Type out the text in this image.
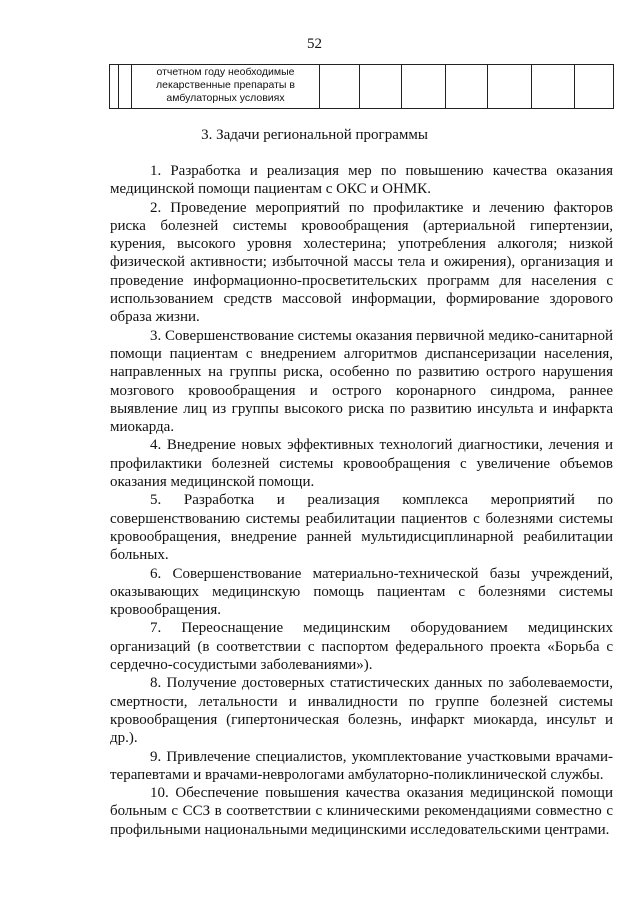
52
		отчетном году необходимые лекарственные препараты в амбулаторных условиях							
3. Задачи региональной программы

1. Разработка и реализация мер по повышению качества оказания медицинской помощи пациентам с ОКС и ОНМК.

2. Проведение мероприятий по профилактике и лечению факторов риска болезней системы кровообращения (артериальной гипертензии, курения, высокого уровня холестерина; употребления алкоголя; низкой физической активности; избыточной массы тела и ожирения), организация и проведение информационно-просветительских программ для населения с использованием средств массовой информации, формирование здорового образа жизни.

3. Совершенствование системы оказания первичной медико-санитарной помощи пациентам с внедрением алгоритмов диспансеризации населения, направленных на группы риска, особенно по развитию острого нарушения мозгового кровообращения и острого коронарного синдрома, раннее выявление лиц из группы высокого риска по развитию инсульта и инфаркта миокарда.

4. Внедрение новых эффективных технологий диагностики, лечения и профилактики болезней системы кровообращения с увеличение объемов оказания медицинской помощи.

5. Разработка и реализация комплекса мероприятий по совершенствованию системы реабилитации пациентов с болезнями системы кровообращения, внедрение ранней мультидисциплинарной реабилитации больных.

6. Совершенствование материально-технической базы учреждений, оказывающих медицинскую помощь пациентам с болезнями системы кровообращения.

7. Переоснащение медицинским оборудованием медицинских организаций (в соответствии с паспортом федерального проекта «Борьба с сердечно-сосудистыми заболеваниями»).

8. Получение достоверных статистических данных по заболеваемости, смертности, летальности и инвалидности по группе болезней системы кровообращения (гипертоническая болезнь, инфаркт миокарда, инсульт и др.).

9. Привлечение специалистов, укомплектование участковыми врачами-терапевтами и врачами-неврологами амбулаторно-поликлинической службы.

10. Обеспечение повышения качества оказания медицинской помощи больным с ССЗ в соответствии с клиническими рекомендациями совместно с профильными национальными медицинскими исследовательскими центрами.
